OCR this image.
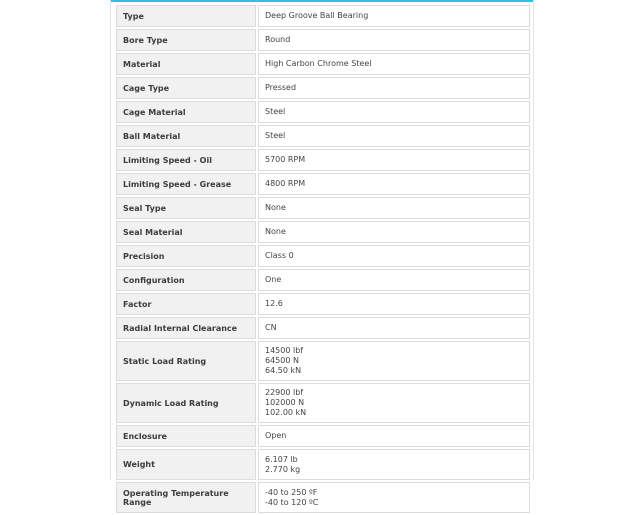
Type	Deep Groove Ball Bearing

Bore Type	Round

Material	High Carbon Chrome Steel

Cage Type	Pressed

Cage Material	Steel

Ball Material	Steel

Limiting Speed - Oil	5700 RPM

Limiting Speed - Grease	4800 RPM

Seal Type	None

Seal Material	None

Precision	Class 0

Configuration	One

Factor	12.6

Radial Internal Clearance	CN

Static Load Rating	14500 lbf
64500 N
64.50 kN

Dynamic Load Rating	22900 lbf
102000 N
102.00 kN

Enclosure	Open

Weight	6.107 lb
2.770 kg

Operating Temperature Range	-40 to 250 ºF
-40 to 120 ºC
